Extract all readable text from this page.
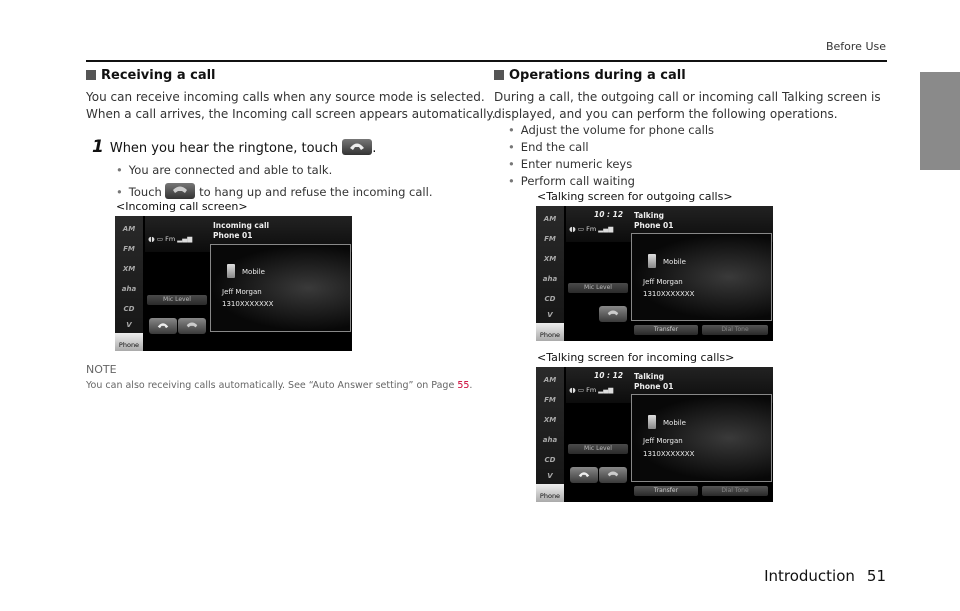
Before Use
Receiving a call
You can receive incoming calls when any source mode is selected.
When a call arrives, the Incoming call screen appears automatically.
1 When you hear the ringtone, touch	.
• You are connected and able to talk.
• Touch	to hang up and refuse the incoming call.
<Incoming call screen>
AM
FM
XM
aha
CD
V
Phone
◖◗ ▭ Fm ▂▄▆
Incoming call
Phone 01
Mic Level
Mobile
Jeff Morgan
1310XXXXXXX
NOTE
You can also receiving calls automatically. See “Auto Answer setting” on Page 55.
Operations during a call
During a call, the outgoing call or incoming call Talking screen is
displayed, and you can perform the following operations.
• Adjust the volume for phone calls
• End the call
• Enter numeric keys
• Perform call waiting
<Talking screen for outgoing calls>
AM
FM
XM
aha
CD
V
Phone
10 : 12
◖◗ ▭ Fm ▂▄▆
Talking
Phone 01
Mic Level
Mobile
Jeff Morgan
1310XXXXXXX
Transfer	Dial Tone
<Talking screen for incoming calls>
AM
FM
XM
aha
CD
V
Phone
10 : 12
◖◗ ▭ Fm ▂▄▆
Talking
Phone 01
Mic Level
Mobile
Jeff Morgan
1310XXXXXXX
Transfer	Dial Tone
Introduction 51
